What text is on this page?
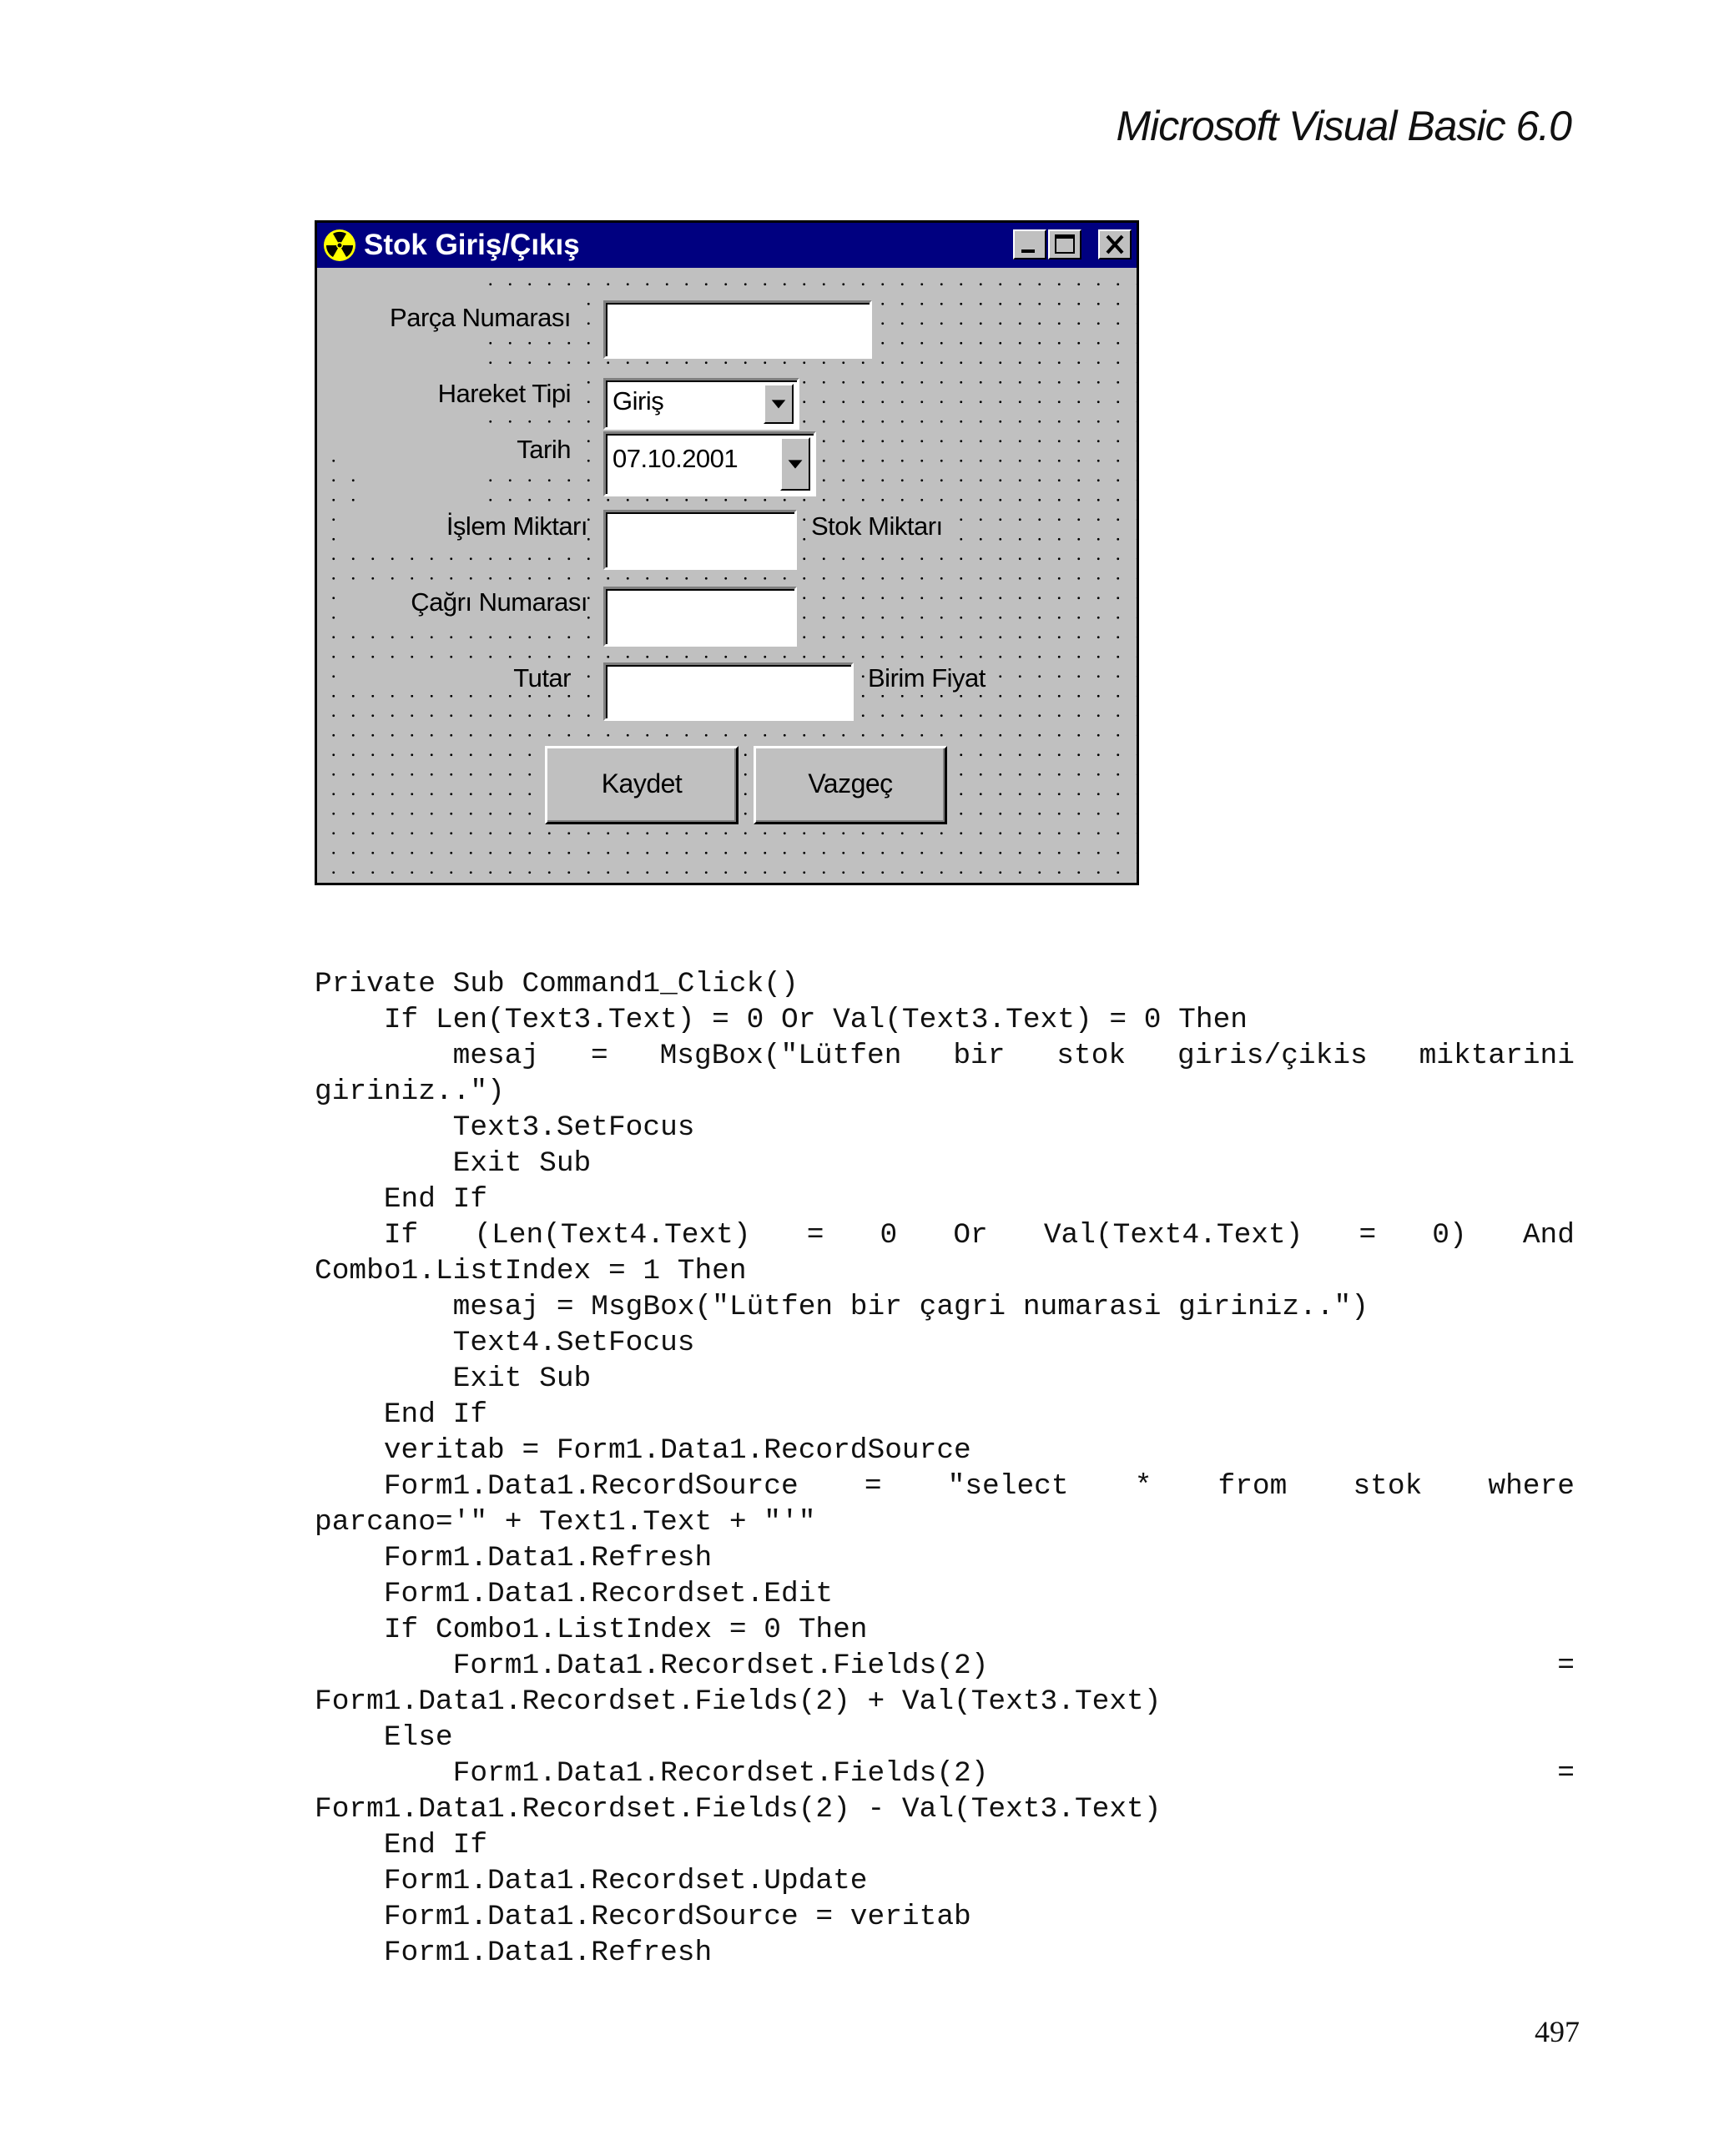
Microsoft Visual Basic 6.0
Stok Giriş/Çıkış
Parça Numarası
Hareket Tipi Giriş
Tarih 07.10.2001
İşlem Miktarı	Stok Miktarı
Çağrı Numarası
Tutar	Birim Fiyat
Kaydet	Vazgeç
Private Sub Command1_Click()
If Len(Text3.Text) = 0 Or Val(Text3.Text) = 0 Then
mesaj = MsgBox("Lütfen bir stok giris/çikis miktarini
giriniz..")
Text3.SetFocus
Exit Sub
End If
If (Len(Text4.Text) = 0 Or Val(Text4.Text) = 0) And
Combo1.ListIndex = 1 Then
mesaj = MsgBox("Lütfen bir çagri numarasi giriniz..")
Text4.SetFocus
Exit Sub
End If
veritab = Form1.Data1.RecordSource
Form1.Data1.RecordSource = "select * from stok where
parcano='" + Text1.Text + "'"
Form1.Data1.Refresh
Form1.Data1.Recordset.Edit
If Combo1.ListIndex = 0 Then
Form1.Data1.Recordset.Fields(2)	=
Form1.Data1.Recordset.Fields(2) + Val(Text3.Text)
Else
Form1.Data1.Recordset.Fields(2)	=
Form1.Data1.Recordset.Fields(2) - Val(Text3.Text)
End If
Form1.Data1.Recordset.Update
Form1.Data1.RecordSource = veritab
Form1.Data1.Refresh
497
